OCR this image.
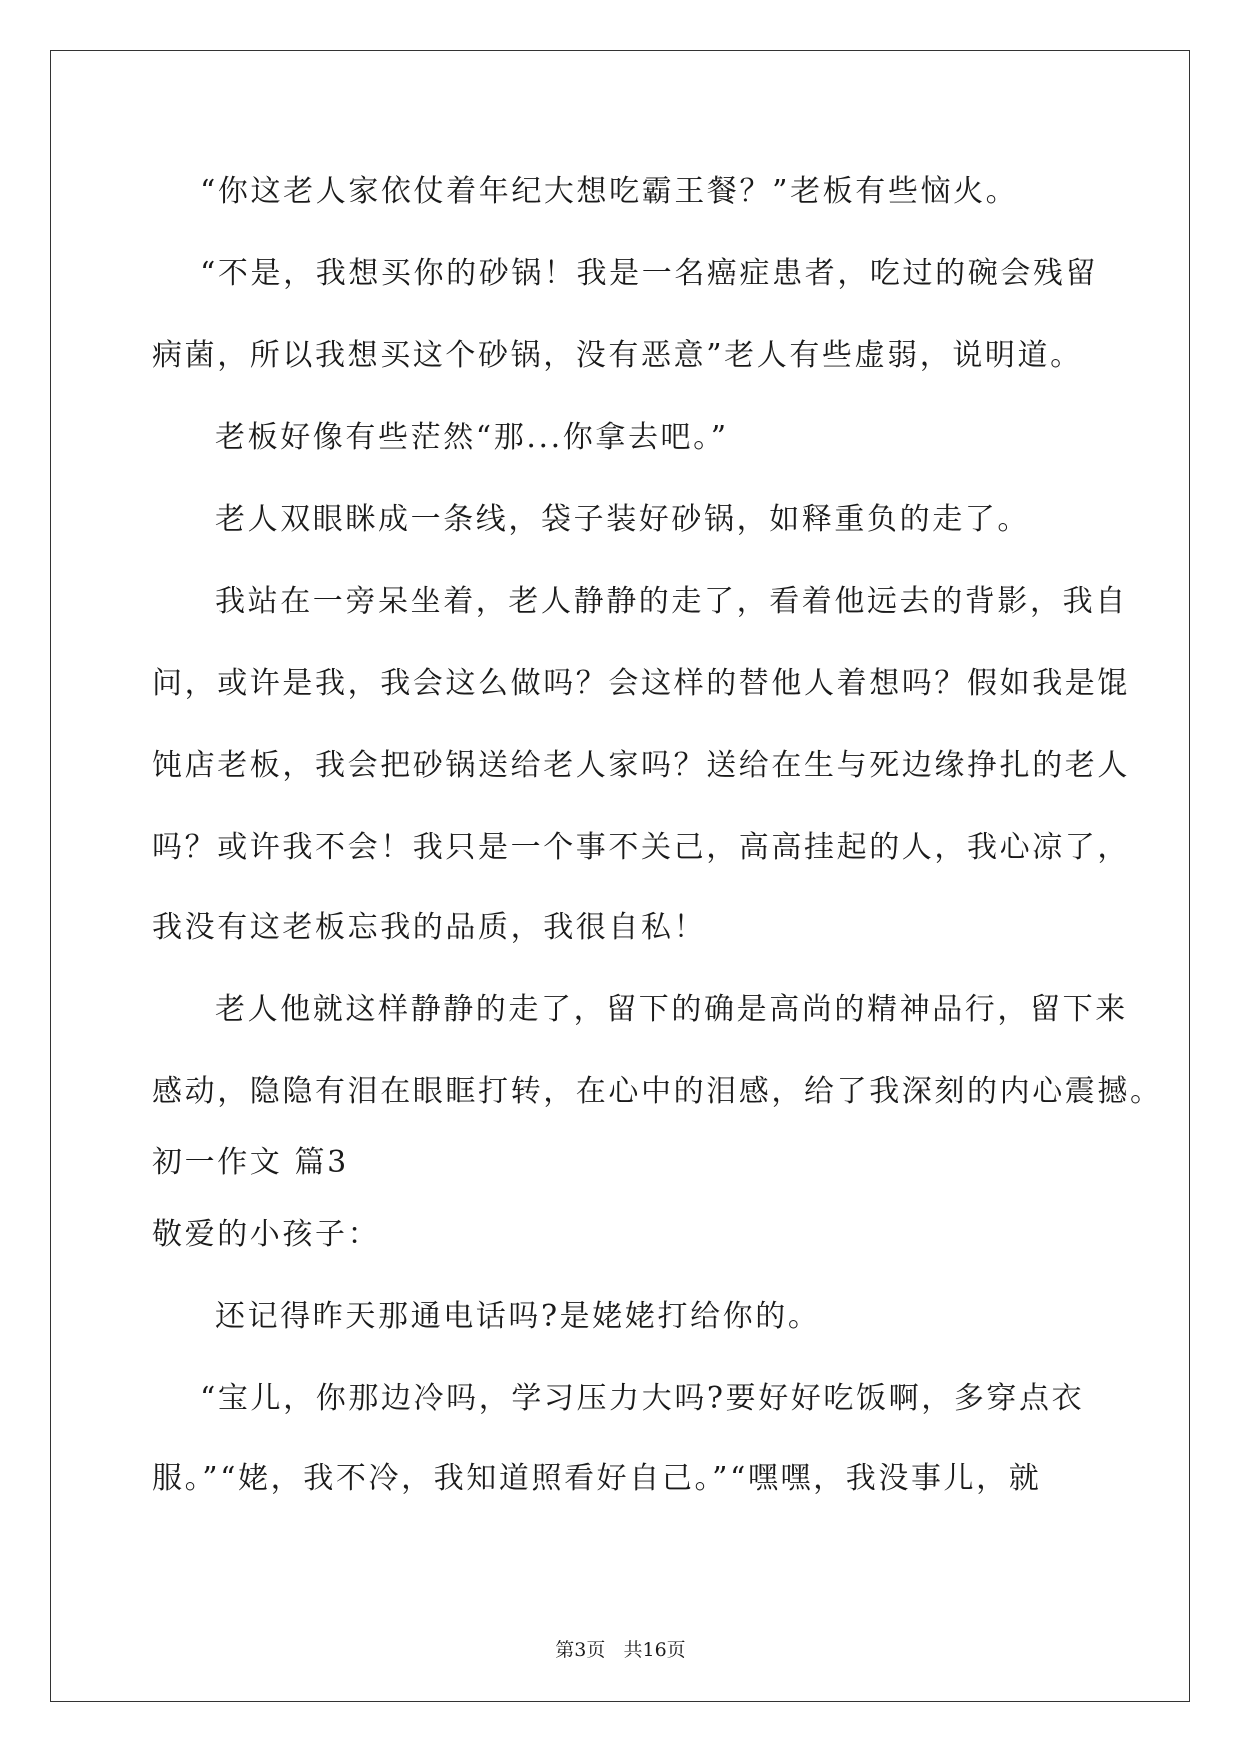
“你这老人家依仗着年纪大想吃霸王餐？”老板有些恼火。
“不是，我想买你的砂锅！我是一名癌症患者，吃过的碗会残留
病菌，所以我想买这个砂锅，没有恶意”老人有些虚弱，说明道。
老板好像有些茫然“那...你拿去吧。”
老人双眼眯成一条线，袋子装好砂锅，如释重负的走了。
我站在一旁呆坐着，老人静静的走了，看着他远去的背影，我自
问，或许是我，我会这么做吗？会这样的替他人着想吗？假如我是馄
饨店老板，我会把砂锅送给老人家吗？送给在生与死边缘挣扎的老人
吗？或许我不会！我只是一个事不关己，高高挂起的人，我心凉了，
我没有这老板忘我的品质，我很自私！
老人他就这样静静的走了，留下的确是高尚的精神品行，留下来
感动，隐隐有泪在眼眶打转，在心中的泪感，给了我深刻的内心震撼。
初一作文 篇3
敬爱的小孩子：
还记得昨天那通电话吗?是姥姥打给你的。
“宝儿，你那边冷吗，学习压力大吗?要好好吃饭啊，多穿点衣
服。”“姥，我不冷，我知道照看好自己。”“嘿嘿，我没事儿，就
第3页   共16页
